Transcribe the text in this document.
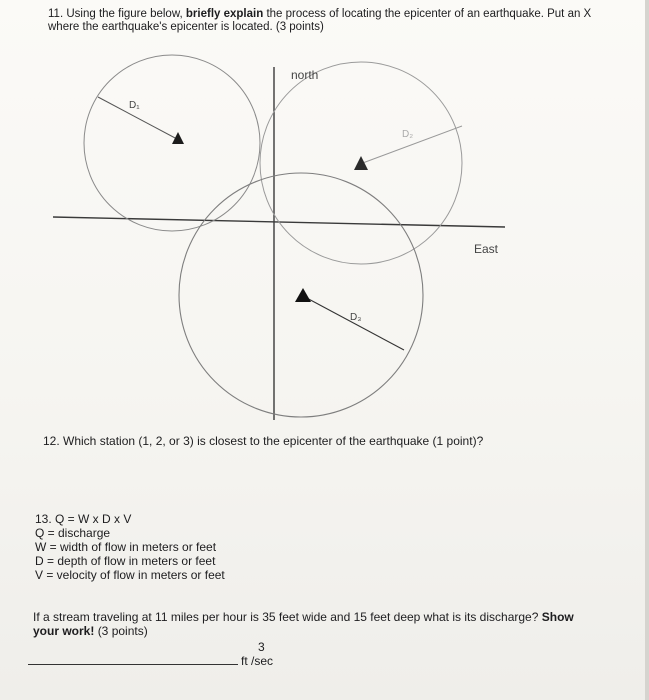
11. Using the figure below, briefly explain the process of locating the epicenter of an earthquake. Put an X where the earthquake's epicenter is located. (3 points)
north
East
D₁
D₂
D₃
12. Which station (1, 2, or 3) is closest to the epicenter of the earthquake (1 point)?
13. Q = W x D x V
Q = discharge
W = width of flow in meters or feet
D = depth of flow in meters or feet
V = velocity of flow in meters or feet
If a stream traveling at 11 miles per hour is 35 feet wide and 15 feet deep what is its discharge? Show your work! (3 points)
3
ft /sec
